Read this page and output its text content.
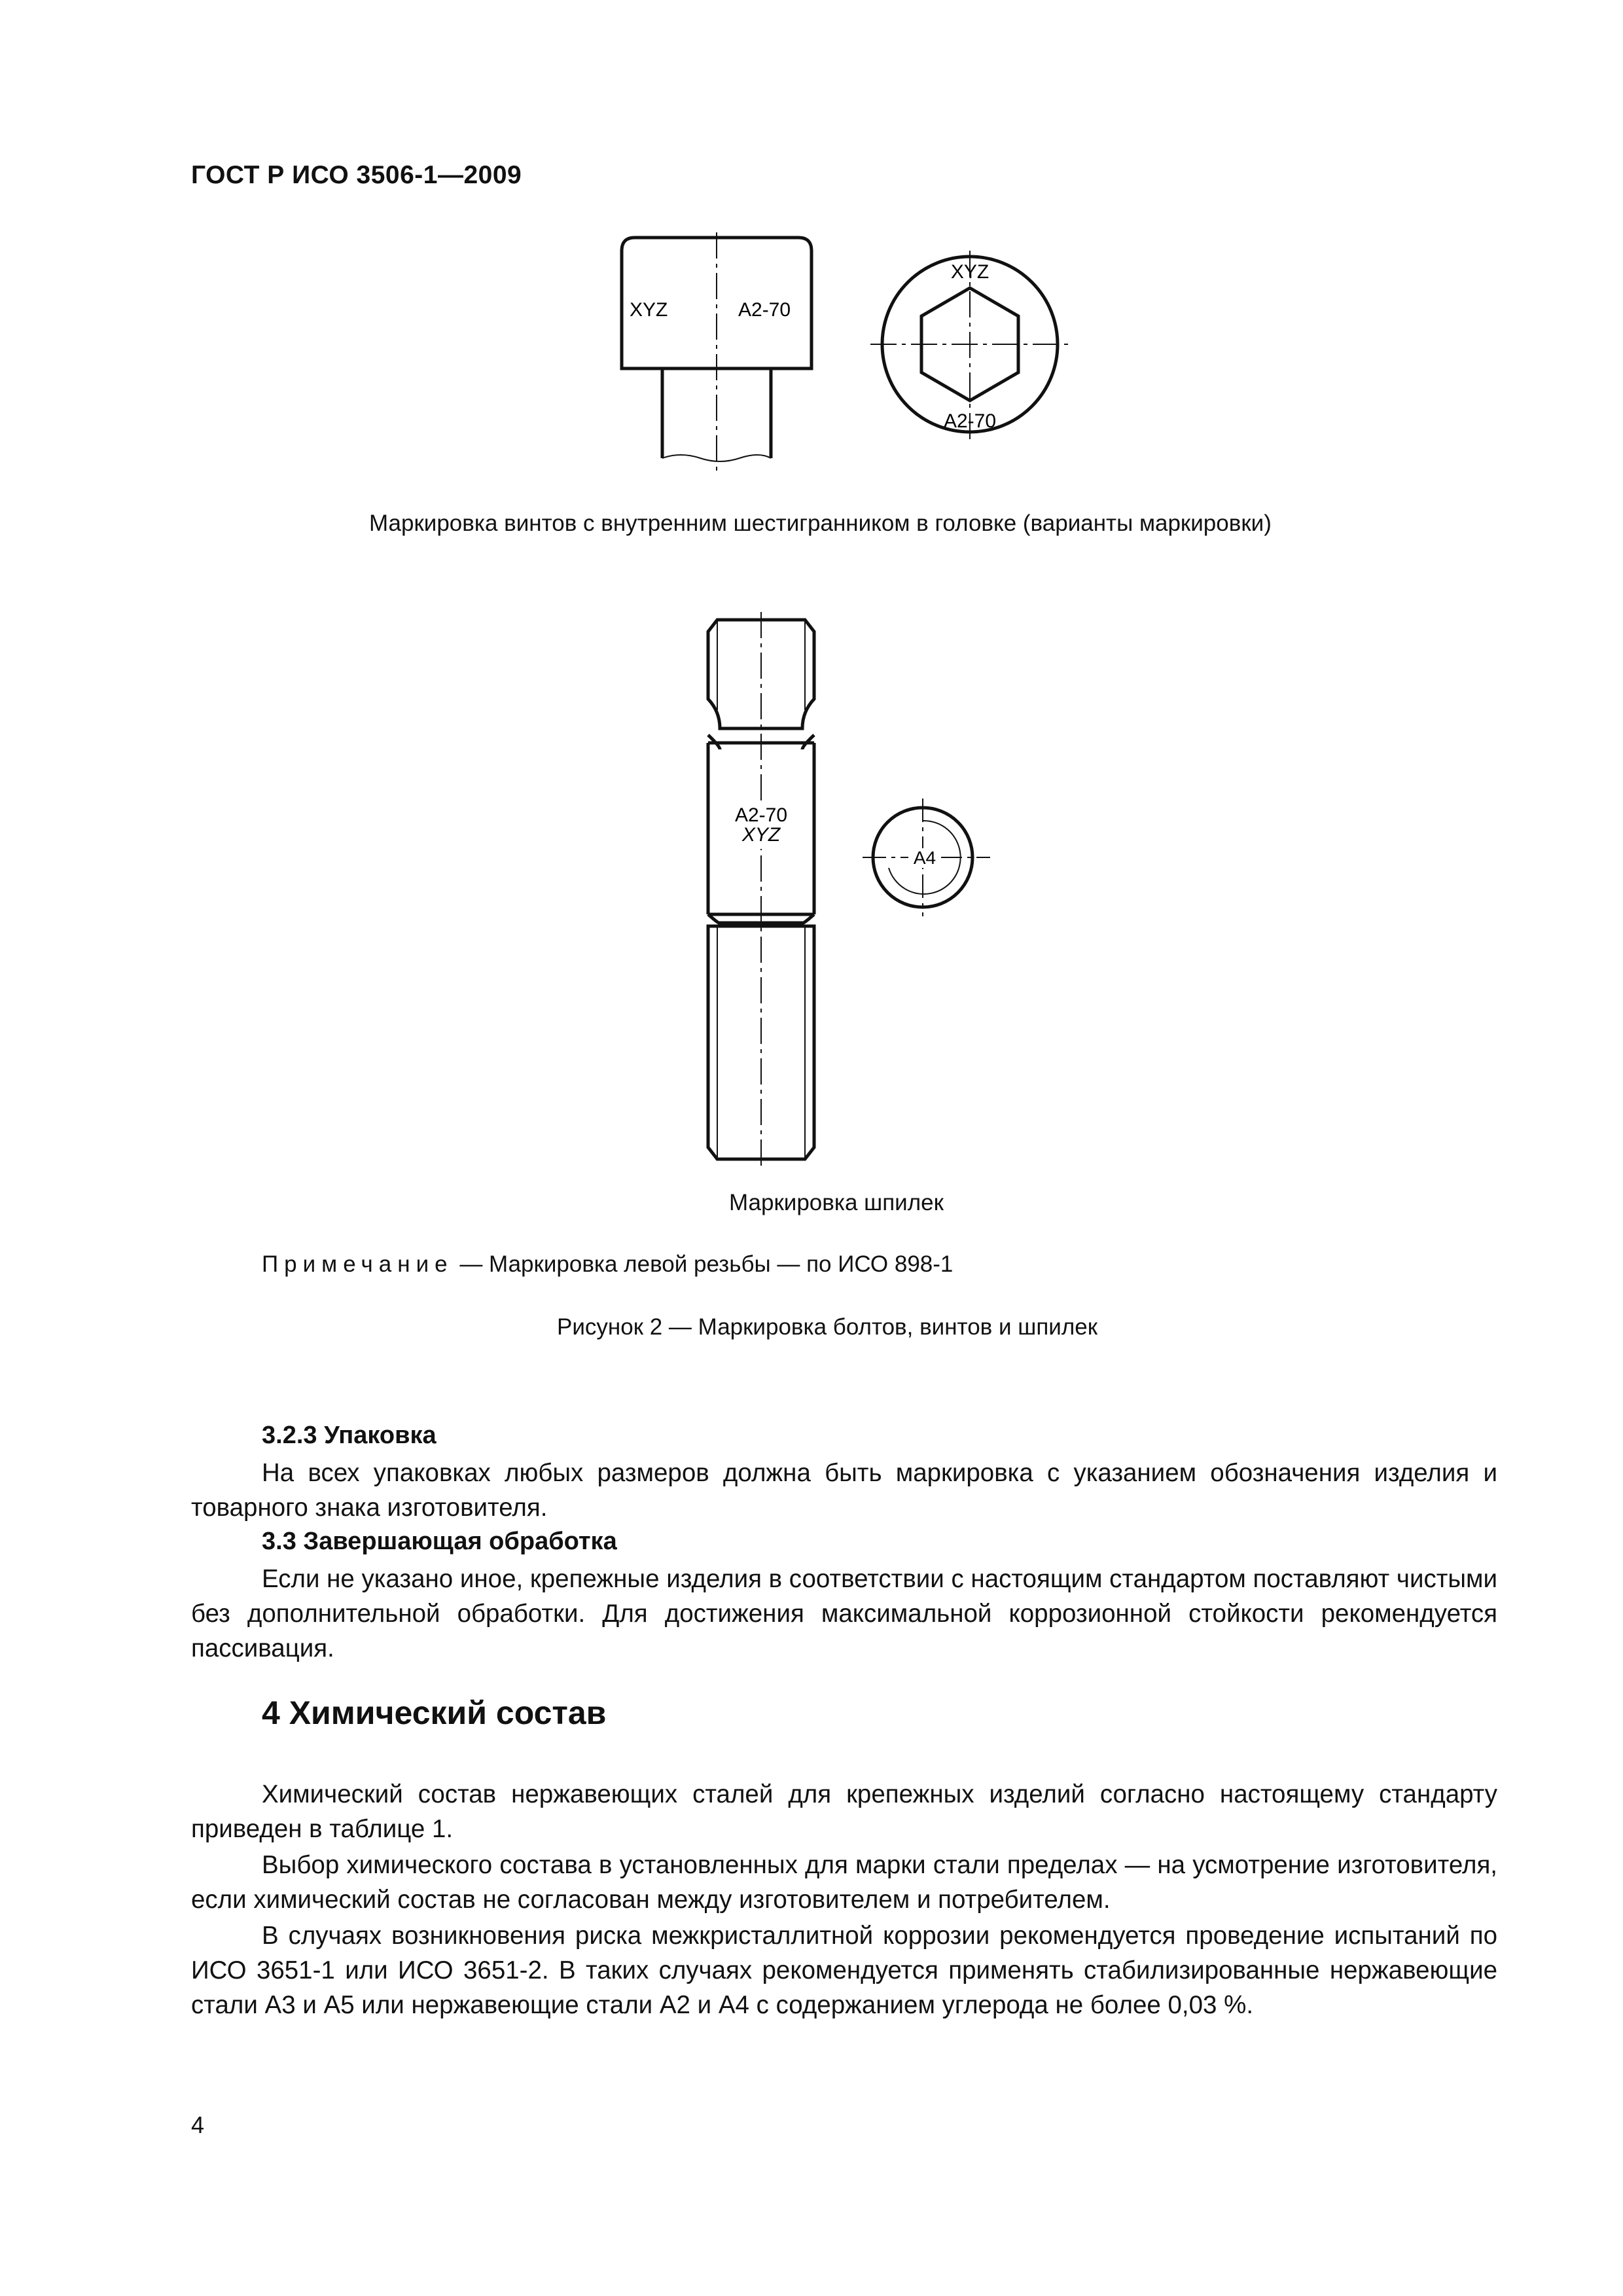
ГОСТ Р ИСО 3506-1—2009
XYZ	A2-70
XYZ
A2-70
Маркировка винтов с внутренним шестигранником в головке (варианты маркировки)
A2-70
XYZ
A4
Маркировка шпилек
Примечание — Маркировка левой резьбы — по ИСО 898-1
Рисунок 2 — Маркировка болтов, винтов и шпилек
3.2.3 Упаковка
На всех упаковках любых размеров должна быть маркировка с указанием обозначения изделия и товарного знака изготовителя.
3.3 Завершающая обработка
Если не указано иное, крепежные изделия в соответствии с настоящим стандартом поставляют чистыми без дополнительной обработки. Для достижения максимальной коррозионной стойкости рекомендуется пассивация.
4 Химический состав
Химический состав нержавеющих сталей для крепежных изделий согласно настоящему стандарту приведен в таблице 1.
Выбор химического состава в установленных для марки стали пределах — на усмотрение изготовителя, если химический состав не согласован между изготовителем и потребителем.
В случаях возникновения риска межкристаллитной коррозии рекомендуется проведение испытаний по ИСО 3651-1 или ИСО 3651-2. В таких случаях рекомендуется применять стабилизированные нержавеющие стали A3 и A5 или нержавеющие стали A2 и A4 с содержанием углерода не более 0,03 %.
4
